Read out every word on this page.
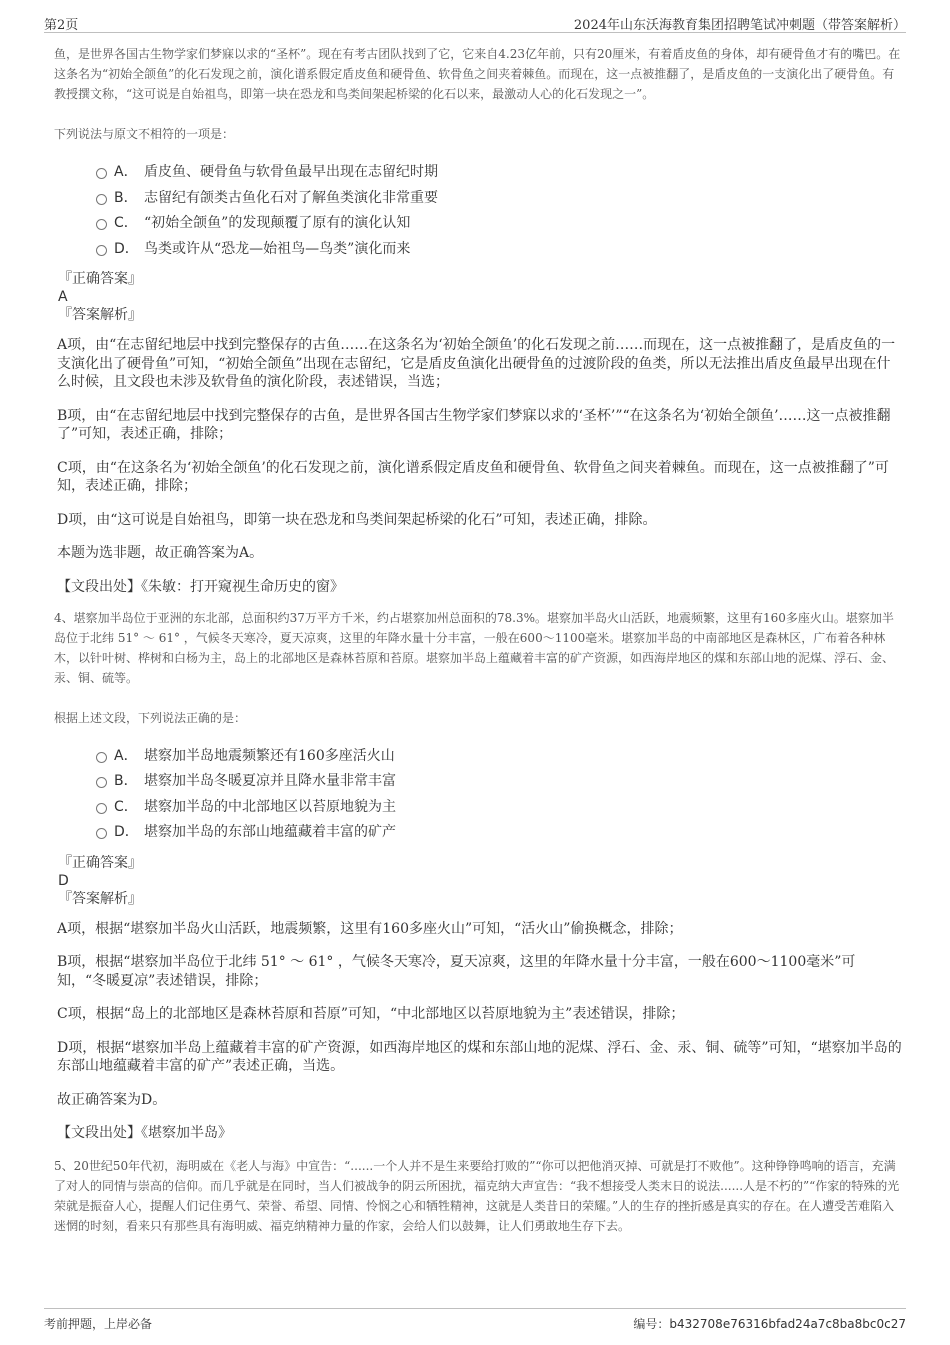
第2页	2024年山东沃海教育集团招聘笔试冲刺题（带答案解析）

鱼，是世界各国古生物学家们梦寐以求的“圣杯”。现在有考古团队找到了它，它来自4.23亿年前，只有20厘米，有着盾皮鱼的身体，却有硬骨鱼才有的嘴巴。在这条名为“初始全颌鱼”的化石发现之前，演化谱系假定盾皮鱼和硬骨鱼、软骨鱼之间夹着棘鱼。而现在，这一点被推翻了，是盾皮鱼的一支演化出了硬骨鱼。有教授撰文称，“这可说是自始祖鸟，即第一块在恐龙和鸟类间架起桥梁的化石以来，最激动人心的化石发现之一”。

下列说法与原文不相符的一项是：

A． 盾皮鱼、硬骨鱼与软骨鱼最早出现在志留纪时期
B． 志留纪有颌类古鱼化石对了解鱼类演化非常重要
C． “初始全颌鱼”的发现颠覆了原有的演化认知
D． 鸟类或许从“恐龙—始祖鸟—鸟类”演化而来
『正确答案』
A
『答案解析』

A项，由“在志留纪地层中找到完整保存的古鱼……在这条名为‘初始全颌鱼’的化石发现之前……而现在，这一点被推翻了，是盾皮鱼的一支演化出了硬骨鱼”可知，“初始全颌鱼”出现在志留纪，它是盾皮鱼演化出硬骨鱼的过渡阶段的鱼类，所以无法推出盾皮鱼最早出现在什么时候，且文段也未涉及软骨鱼的演化阶段，表述错误，当选；

B项，由“在志留纪地层中找到完整保存的古鱼，是世界各国古生物学家们梦寐以求的‘圣杯’”“在这条名为‘初始全颌鱼’……这一点被推翻了”可知，表述正确，排除；

C项，由“在这条名为‘初始全颌鱼’的化石发现之前，演化谱系假定盾皮鱼和硬骨鱼、软骨鱼之间夹着棘鱼。而现在，这一点被推翻了”可知，表述正确，排除；

D项，由“这可说是自始祖鸟，即第一块在恐龙和鸟类间架起桥梁的化石”可知，表述正确，排除。

本题为选非题，故正确答案为A。

【文段出处】《朱敏：打开窥视生命历史的窗》

4、堪察加半岛位于亚洲的东北部，总面积约37万平方千米，约占堪察加州总面积的78.3%。堪察加半岛火山活跃，地震频繁，这里有160多座火山。堪察加半岛位于北纬 51° ～ 61° ，气候冬天寒冷，夏天凉爽，这里的年降水量十分丰富，一般在600～1100毫米。堪察加半岛的中南部地区是森林区，广布着各种林木，以针叶树、桦树和白杨为主，岛上的北部地区是森林苔原和苔原。堪察加半岛上蕴藏着丰富的矿产资源，如西海岸地区的煤和东部山地的泥煤、浮石、金、汞、铜、硫等。

根据上述文段，下列说法正确的是：

A． 堪察加半岛地震频繁还有160多座活火山
B． 堪察加半岛冬暖夏凉并且降水量非常丰富
C． 堪察加半岛的中北部地区以苔原地貌为主
D． 堪察加半岛的东部山地蕴藏着丰富的矿产
『正确答案』
D
『答案解析』

A项，根据“堪察加半岛火山活跃，地震频繁，这里有160多座火山”可知，“活火山”偷换概念，排除；

B项，根据“堪察加半岛位于北纬 51° ～ 61° ，气候冬天寒冷，夏天凉爽，这里的年降水量十分丰富，一般在600～1100毫米”可知，“冬暖夏凉”表述错误，排除；

C项，根据“岛上的北部地区是森林苔原和苔原”可知，“中北部地区以苔原地貌为主”表述错误，排除；

D项，根据“堪察加半岛上蕴藏着丰富的矿产资源，如西海岸地区的煤和东部山地的泥煤、浮石、金、汞、铜、硫等”可知，“堪察加半岛的东部山地蕴藏着丰富的矿产”表述正确，当选。

故正确答案为D。

【文段出处】《堪察加半岛》

5、20世纪50年代初，海明威在《老人与海》中宣告：“......一个人并不是生来要给打败的”“你可以把他消灭掉、可就是打不败他”。这种铮铮鸣响的语言，充满了对人的同情与崇高的信仰。而几乎就是在同时，当人们被战争的阴云所困扰，福克纳大声宣告：“我不想接受人类末日的说法......人是不朽的”“作家的特殊的光荣就是振奋人心，提醒人们记住勇气、荣誉、希望、同情、怜悯之心和牺牲精神，这就是人类昔日的荣耀。”人的生存的挫折感是真实的存在。在人遭受苦难陷入迷惘的时刻，看来只有那些具有海明威、福克纳精神力量的作家，会给人们以鼓舞，让人们勇敢地生存下去。

考前押题，上岸必备	编号：b432708e76316bfad24a7c8ba8bc0c27
